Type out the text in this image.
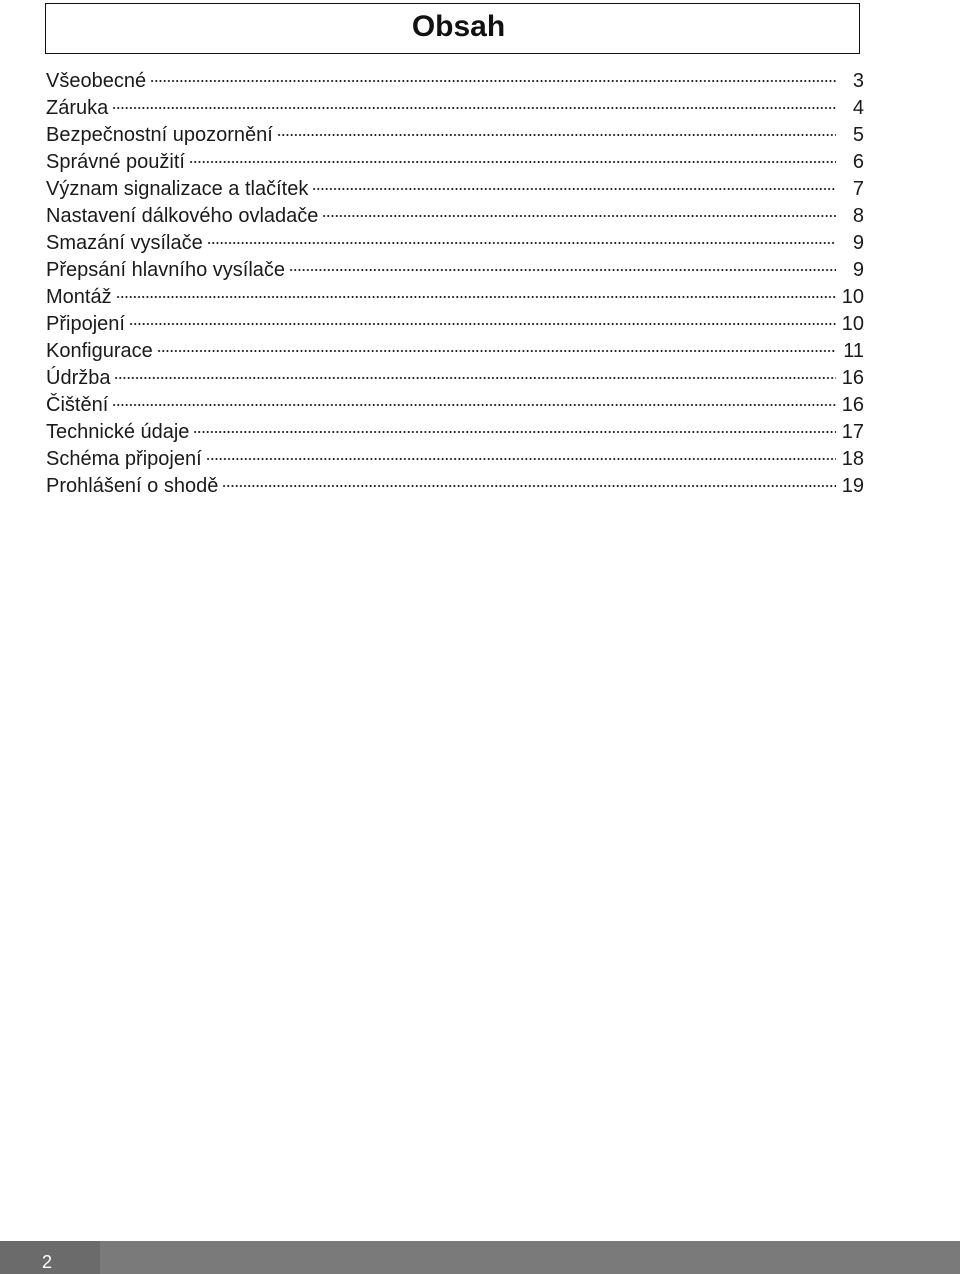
Obsah
Všeobecné	3
Záruka	4
Bezpečnostní upozornění	5
Správné použití	6
Význam signalizace a tlačítek	7
Nastavení dálkového ovladače	8
Smazání vysílače	9
Přepsání hlavního vysílače	9
Montáž	10
Připojení	10
Konfigurace	11
Údržba	16
Čištění	16
Technické údaje	17
Schéma připojení	18
Prohlášení o shodě	19
2
